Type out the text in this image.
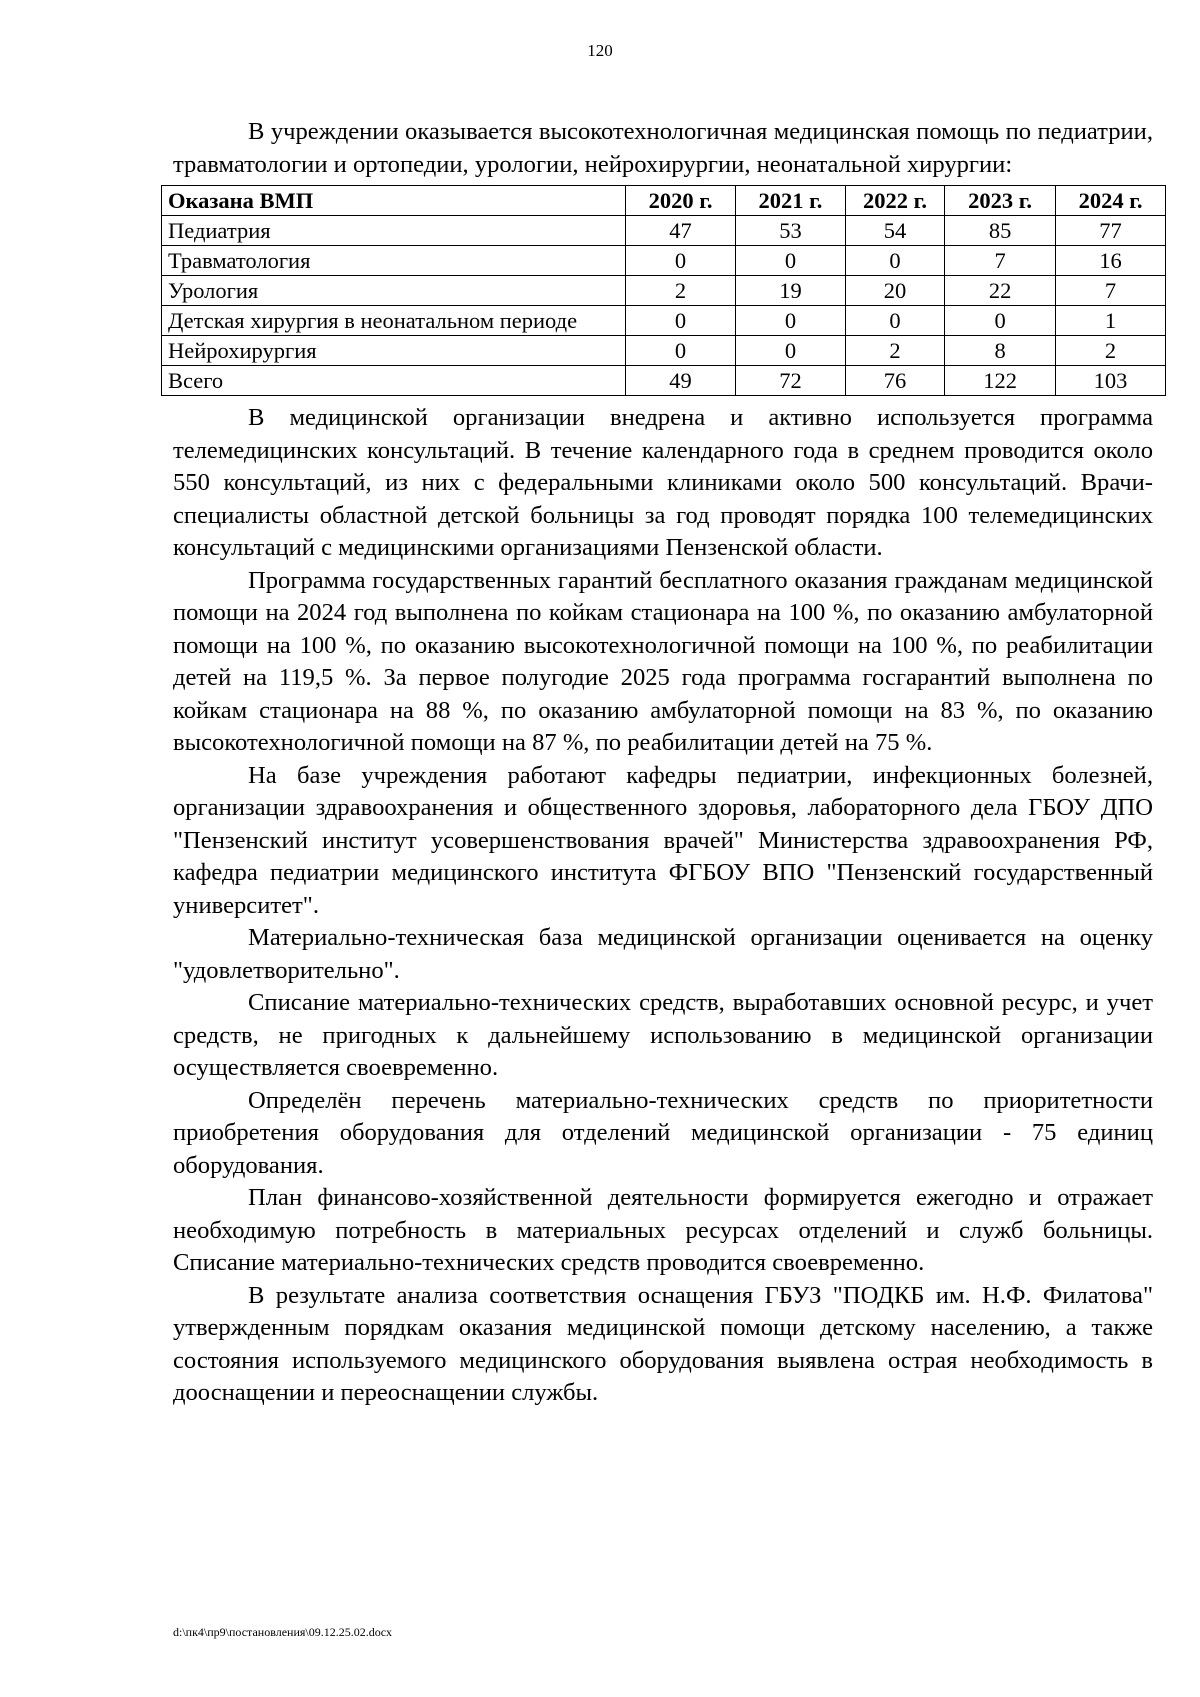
120

В учреждении оказывается высокотехнологичная медицинская помощь по педиатрии, травматологии и ортопедии, урологии, нейрохирургии, неонатальной хирургии:

Оказана ВМП	2020 г.	2021 г.	2022 г.	2023 г.	2024 г.
Педиатрия	47	53	54	85	77
Травматология	0	0	0	7	16
Урология	2	19	20	22	7
Детская хирургия в неонатальном периоде	0	0	0	0	1
Нейрохирургия	0	0	2	8	2
Всего	49	72	76	122	103

В медицинской организации внедрена и активно используется программа телемедицинских консультаций. В течение календарного года в среднем проводится около 550 консультаций, из них с федеральными клиниками около 500 консультаций. Врачи-специалисты областной детской больницы за год проводят порядка 100 телемедицинских консультаций с медицинскими организациями Пензенской области.

Программа государственных гарантий бесплатного оказания гражданам медицинской помощи на 2024 год выполнена по койкам стационара на 100 %, по оказанию амбулаторной помощи на 100 %, по оказанию высокотехнологичной помощи на 100 %, по реабилитации детей на 119,5 %. За первое полугодие 2025 года программа госгарантий выполнена по койкам стационара на 88 %, по оказанию амбулаторной помощи на 83 %, по оказанию высокотехнологичной помощи на 87 %, по реабилитации детей на 75 %.

На базе учреждения работают кафедры педиатрии, инфекционных болезней, организации здравоохранения и общественного здоровья, лабораторного дела ГБОУ ДПО "Пензенский институт усовершенствования врачей" Министерства здравоохранения РФ, кафедра педиатрии медицинского института ФГБОУ ВПО "Пензенский государственный университет".

Материально-техническая база медицинской организации оценивается на оценку "удовлетворительно".

Списание материально-технических средств, выработавших основной ресурс, и учет средств, не пригодных к дальнейшему использованию в медицинской организации осуществляется своевременно.

Определён перечень материально-технических средств по приоритетности приобретения оборудования для отделений медицинской организации - 75 единиц оборудования.

План финансово-хозяйственной деятельности формируется ежегодно и отражает необходимую потребность в материальных ресурсах отделений и служб больницы. Списание материально-технических средств проводится своевременно.

В результате анализа соответствия оснащения ГБУЗ "ПОДКБ им. Н.Ф. Филатова" утвержденным порядкам оказания медицинской помощи детскому населению, а также состояния используемого медицинского оборудования выявлена острая необходимость в дооснащении и переоснащении службы.

d:\пк4\пр9\постановления\09.12.25.02.docx
